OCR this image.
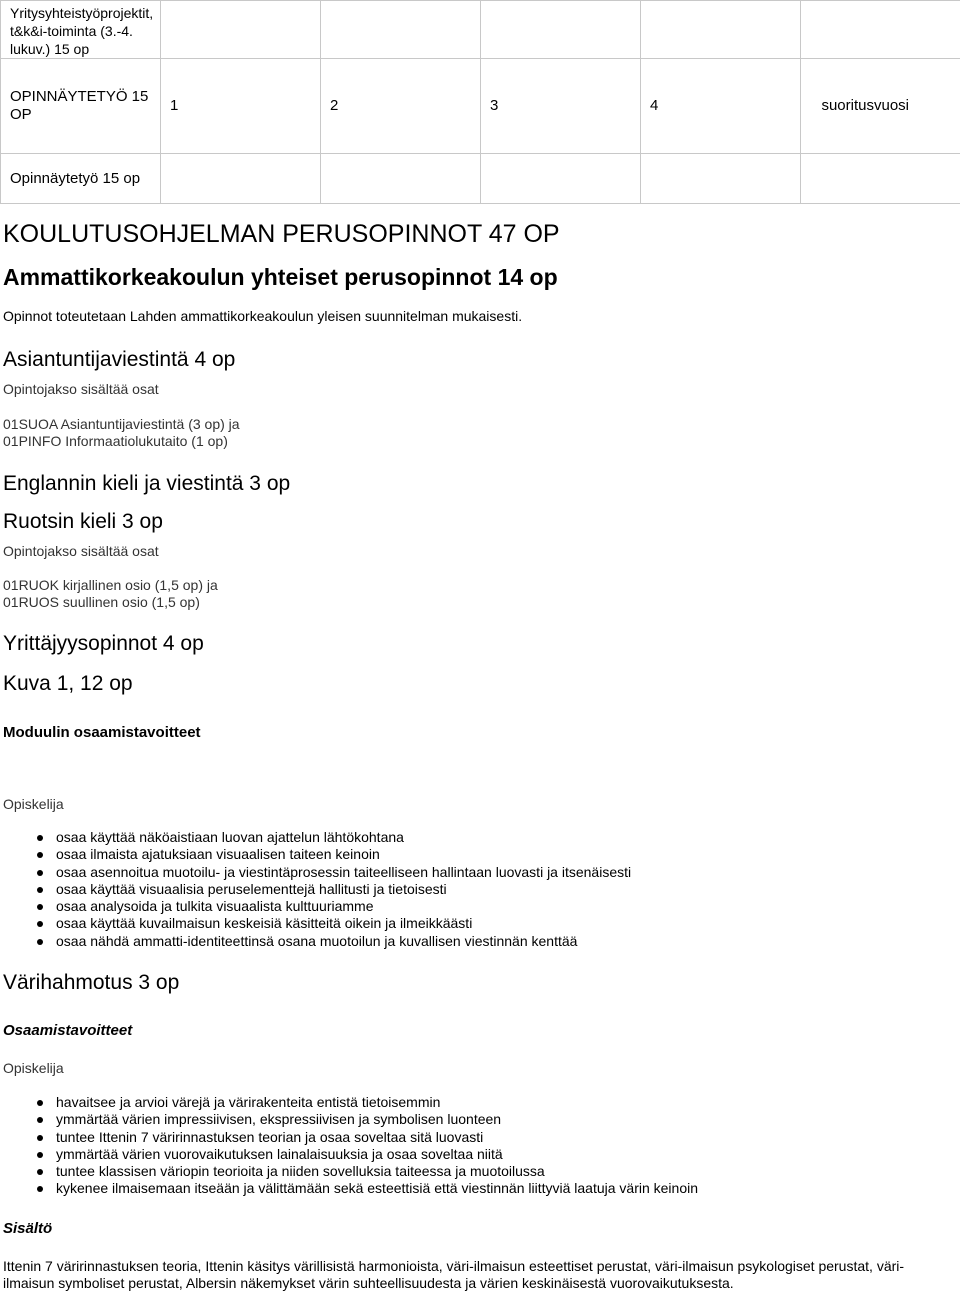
Yritysyhteistyöprojektit, t&k&i-toiminta (3.-4. lukuv.) 15 op					
OPINNÄYTETYÖ 15 OP	1	2	3	4	suoritusvuosi
Opinnäytetyö 15 op					
KOULUTUSOHJELMAN PERUSOPINNOT 47 OP
Ammattikorkeakoulun yhteiset perusopinnot 14 op
Opinnot toteutetaan Lahden ammattikorkeakoulun yleisen suunnitelman mukaisesti.
Asiantuntijaviestintä 4 op
Opintojakso sisältää osat
01SUOA Asiantuntijaviestintä (3 op) ja
01PINFO Informaatiolukutaito (1 op)
Englannin kieli ja viestintä 3 op
Ruotsin kieli 3 op
Opintojakso sisältää osat
01RUOK kirjallinen osio (1,5 op) ja
01RUOS suullinen osio (1,5 op)
Yrittäjyysopinnot 4 op
Kuva 1, 12 op
Moduulin osaamistavoitteet
Opiskelija
osaa käyttää näköaistiaan luovan ajattelun lähtökohtana
osaa ilmaista ajatuksiaan visuaalisen taiteen keinoin
osaa asennoitua muotoilu- ja viestintäprosessin taiteelliseen hallintaan luovasti ja itsenäisesti
osaa käyttää visuaalisia peruselementtejä hallitusti ja tietoisesti
osaa analysoida ja tulkita visuaalista kulttuuriamme
osaa käyttää kuvailmaisun keskeisiä käsitteitä oikein ja ilmeikkäästi
osaa nähdä ammatti-identiteettinsä osana muotoilun ja kuvallisen viestinnän kenttää
Värihahmotus 3 op
Osaamistavoitteet
Opiskelija
havaitsee ja arvioi värejä ja värirakenteita entistä tietoisemmin
ymmärtää värien impressiivisen, ekspressiivisen ja symbolisen luonteen
tuntee Ittenin 7 väririnnastuksen teorian ja osaa soveltaa sitä luovasti
ymmärtää värien vuorovaikutuksen lainalaisuuksia ja osaa soveltaa niitä
tuntee klassisen väriopin teorioita ja niiden sovelluksia taiteessa ja muotoilussa
kykenee ilmaisemaan itseään ja välittämään sekä esteettisiä että viestinnän liittyviä laatuja värin keinoin
Sisältö
Ittenin 7 väririnnastuksen teoria, Ittenin käsitys värillisistä harmonioista, väri-ilmaisun esteettiset perustat, väri-ilmaisun psykologiset perustat, väri-ilmaisun symboliset perustat, Albersin näkemykset värin suhteellisuudesta ja värien keskinäisestä vuorovaikutuksesta.
